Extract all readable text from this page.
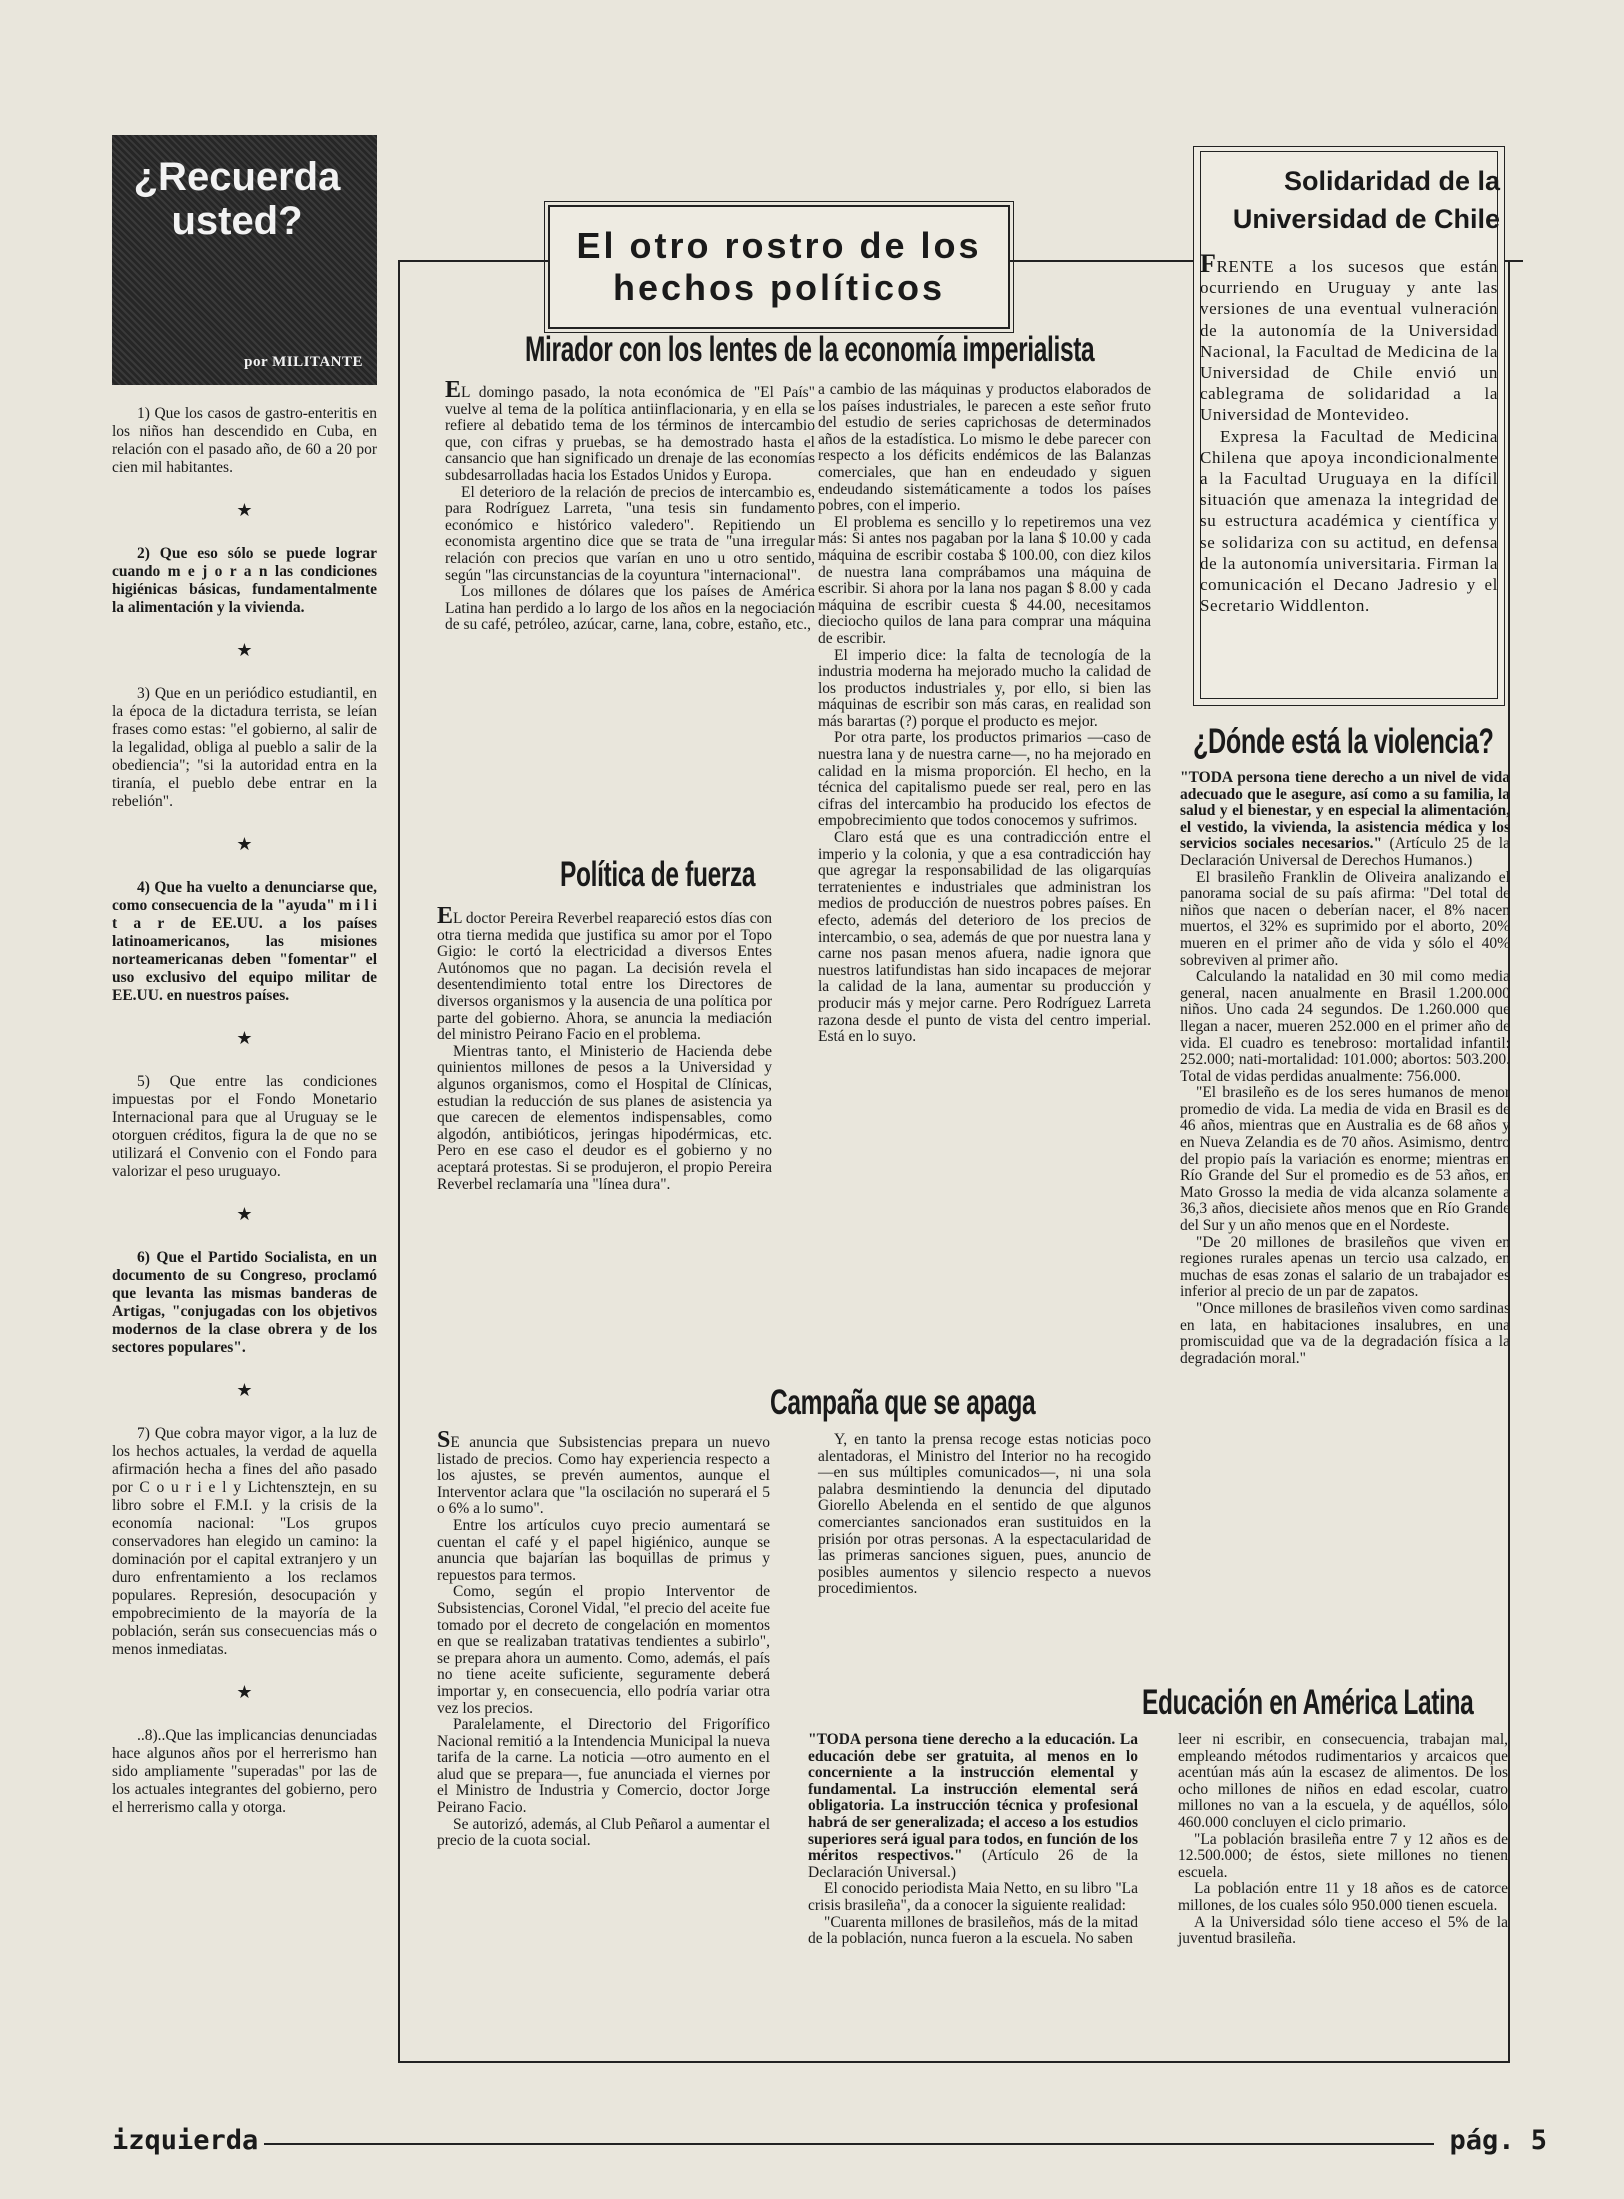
¿Recuerda
usted?
por MILITANTE

1) Que los casos de gastro-enteritis en los niños han descendido en Cuba, en relación con el pasado año, de 60 a 20 por cien mil habitantes.

★

2) Que eso sólo se puede lograr cuando m e j o r a n las condiciones higiénicas básicas, fundamentalmente la alimentación y la vivienda.

★

3) Que en un periódico estudiantil, en la época de la dictadura terrista, se leían frases como estas: "el gobierno, al salir de la legalidad, obliga al pueblo a salir de la obediencia"; "si la autoridad entra en la tiranía, el pueblo debe entrar en la rebelión".

★

4) Que ha vuelto a denunciarse que, como consecuencia de la "ayuda" m i l i t a r de EE.UU. a los países latinoamericanos, las misiones norteamericanas deben "fomentar" el uso exclusivo del equipo militar de EE.UU. en nuestros países.

★

5) Que entre las condiciones impuestas por el Fondo Monetario Internacional para que al Uruguay se le otorguen créditos, figura la de que no se utilizará el Convenio con el Fondo para valorizar el peso uruguayo.

★

6) Que el Partido Socialista, en un documento de su Congreso, proclamó que levanta las mismas banderas de Artigas, "conjugadas con los objetivos modernos de la clase obrera y de los sectores populares".

★

7) Que cobra mayor vigor, a la luz de los hechos actuales, la verdad de aquella afirmación hecha a fines del año pasado por C o u r i e l y Lichtensztejn, en su libro sobre el F.M.I. y la crisis de la economía nacional: "Los grupos conservadores han elegido un camino: la dominación por el capital extranjero y un duro enfrentamiento a los reclamos populares. Represión, desocupación y empobrecimiento de la mayoría de la población, serán sus consecuencias más o menos inmediatas.

★

..8)..Que las implicancias denunciadas hace algunos años por el herrerismo han sido ampliamente "superadas" por las de los actuales integrantes del gobierno, pero el herrerismo calla y otorga.

El otro rostro de los hechos políticos
Mirador con los lentes de la economía imperialista

EL domingo pasado, la nota económica de "El País" vuelve al tema de la política antiinflacionaria, y en ella se refiere al debatido tema de los términos de intercambio que, con cifras y pruebas, se ha demostrado hasta el cansancio que han significado un drenaje de las economías subdesarrolladas hacia los Estados Unidos y Europa.

El deterioro de la relación de precios de intercambio es, para Rodríguez Larreta, "una tesis sin fundamento económico e histórico valedero". Repitiendo un economista argentino dice que se trata de "una irregular relación con precios que varían en uno u otro sentido, según "las circunstancias de la coyuntura "internacional".

Los millones de dólares que los países de América Latina han perdido a lo largo de los años en la negociación de su café, petróleo, azúcar, carne, lana, cobre, estaño, etc.,

a cambio de las máquinas y productos elaborados de los países industriales, le parecen a este señor fruto del estudio de series caprichosas de determinados años de la estadística. Lo mismo le debe parecer con respecto a los déficits endémicos de las Balanzas comerciales, que han en endeudado y siguen endeudando sistemáticamente a todos los países pobres, con el imperio.

El problema es sencillo y lo repetiremos una vez más: Si antes nos pagaban por la lana $ 10.00 y cada máquina de escribir costaba $ 100.00, con diez kilos de nuestra lana comprábamos una máquina de escribir. Si ahora por la lana nos pagan $ 8.00 y cada máquina de escribir cuesta $ 44.00, necesitamos dieciocho quilos de lana para comprar una máquina de escribir.

El imperio dice: la falta de tecnología de la industria moderna ha mejorado mucho la calidad de los productos industriales y, por ello, si bien las máquinas de escribir son más caras, en realidad son más barartas (?) porque el producto es mejor.

Por otra parte, los productos primarios —caso de nuestra lana y de nuestra carne—, no ha mejorado en calidad en la misma proporción. El hecho, en la técnica del capitalismo puede ser real, pero en las cifras del intercambio ha producido los efectos de empobrecimiento que todos conocemos y sufrimos.

Claro está que es una contradicción entre el imperio y la colonia, y que a esa contradicción hay que agregar la responsabilidad de las oligarquías terratenientes e industriales que administran los medios de producción de nuestros pobres países. En efecto, además del deterioro de los precios de intercambio, o sea, además de que por nuestra lana y carne nos pasan menos afuera, nadie ignora que nuestros latifundistas han sido incapaces de mejorar la calidad de la lana, aumentar su producción y producir más y mejor carne. Pero Rodríguez Larreta razona desde el punto de vista del centro imperial. Está en lo suyo.

Política de fuerza

EL doctor Pereira Reverbel reapareció estos días con otra tierna medida que justifica su amor por el Topo Gigio: le cortó la electricidad a diversos Entes Autónomos que no pagan. La decisión revela el desentendimiento total entre los Directores de diversos organismos y la ausencia de una política por parte del gobierno. Ahora, se anuncia la mediación del ministro Peirano Facio en el problema.

Mientras tanto, el Ministerio de Hacienda debe quinientos millones de pesos a la Universidad y algunos organismos, como el Hospital de Clínicas, estudian la reducción de sus planes de asistencia ya que carecen de elementos indispensables, como algodón, antibióticos, jeringas hipodérmicas, etc. Pero en ese caso el deudor es el gobierno y no aceptará protestas. Si se produjeron, el propio Pereira Reverbel reclamaría una "línea dura".

Campaña que se apaga

SE anuncia que Subsistencias prepara un nuevo listado de precios. Como hay experiencia respecto a los ajustes, se prevén aumentos, aunque el Interventor aclara que "la oscilación no superará el 5 o 6% a lo sumo".

Entre los artículos cuyo precio aumentará se cuentan el café y el papel higiénico, aunque se anuncia que bajarían las boquillas de primus y repuestos para termos.

Como, según el propio Interventor de Subsistencias, Coronel Vidal, "el precio del aceite fue tomado por el decreto de congelación en momentos en que se realizaban tratativas tendientes a subirlo", se prepara ahora un aumento. Como, además, el país no tiene aceite suficiente, seguramente deberá importar y, en consecuencia, ello podría variar otra vez los precios.

Paralelamente, el Directorio del Frigorífico Nacional remitió a la Intendencia Municipal la nueva tarifa de la carne. La noticia —otro aumento en el alud que se prepara—, fue anunciada el viernes por el Ministro de Industria y Comercio, doctor Jorge Peirano Facio.

Se autorizó, además, al Club Peñarol a aumentar el precio de la cuota social.

Y, en tanto la prensa recoge estas noticias poco alentadoras, el Ministro del Interior no ha recogido —en sus múltiples comunicados—, ni una sola palabra desmintiendo la denuncia del diputado Giorello Abelenda en el sentido de que algunos comerciantes sancionados eran sustituidos en la prisión por otras personas. A la espectacularidad de las primeras sanciones siguen, pues, anuncio de posibles aumentos y silencio respecto a nuevos procedimientos.

Educación en América Latina

"TODA persona tiene derecho a la educación. La educación debe ser gratuita, al menos en lo concerniente a la instrucción elemental y fundamental. La instrucción elemental será obligatoria. La instrucción técnica y profesional habrá de ser generalizada; el acceso a los estudios superiores será igual para todos, en función de los méritos respectivos." (Artículo 26 de la Declaración Universal.)

El conocido periodista Maia Netto, en su libro "La crisis brasileña", da a conocer la siguiente realidad:

"Cuarenta millones de brasileños, más de la mitad de la población, nunca fueron a la escuela. No saben

leer ni escribir, en consecuencia, trabajan mal, empleando métodos rudimentarios y arcaicos que acentúan más aún la escasez de alimentos. De los ocho millones de niños en edad escolar, cuatro millones no van a la escuela, y de aquéllos, sólo 460.000 concluyen el ciclo primario.

"La población brasileña entre 7 y 12 años es de 12.500.000; de éstos, siete millones no tienen escuela.

La población entre 11 y 18 años es de catorce millones, de los cuales sólo 950.000 tienen escuela.

A la Universidad sólo tiene acceso el 5% de la juventud brasileña.

Solidaridad de la
Universidad de Chile

FRENTE a los sucesos que están ocurriendo en Uruguay y ante las versiones de una eventual vulneración de la autonomía de la Universidad Nacional, la Facultad de Medicina de la Universidad de Chile envió un cablegrama de solidaridad a la Universidad de Montevideo.

Expresa la Facultad de Medicina Chilena que apoya incondicionalmente a la Facultad Uruguaya en la difícil situación que amenaza la integridad de su estructura académica y científica y se solidariza con su actitud, en defensa de la autonomía universitaria. Firman la comunicación el Decano Jadresio y el Secretario Widdlenton.

¿Dónde está la violencia?

"TODA persona tiene derecho a un nivel de vida adecuado que le asegure, así como a su familia, la salud y el bienestar, y en especial la alimentación, el vestido, la vivienda, la asistencia médica y los servicios sociales necesarios." (Artículo 25 de la Declaración Universal de Derechos Humanos.)

El brasileño Franklin de Oliveira analizando el panorama social de su país afirma: "Del total de niños que nacen o deberían nacer, el 8% nacen muertos, el 32% es suprimido por el aborto, 20% mueren en el primer año de vida y sólo el 40% sobreviven al primer año.

Calculando la natalidad en 30 mil como media general, nacen anualmente en Brasil 1.200.000 niños. Uno cada 24 segundos. De 1.260.000 que llegan a nacer, mueren 252.000 en el primer año de vida. El cuadro es tenebroso: mortalidad infantil: 252.000; nati-mortalidad: 101.000; abortos: 503.200. Total de vidas perdidas anualmente: 756.000.

"El brasileño es de los seres humanos de menor promedio de vida. La media de vida en Brasil es de 46 años, mientras que en Australia es de 68 años y en Nueva Zelandia es de 70 años. Asimismo, dentro del propio país la variación es enorme; mientras en Río Grande del Sur el promedio es de 53 años, en Mato Grosso la media de vida alcanza solamente a 36,3 años, diecisiete años menos que en Río Grande del Sur y un año menos que en el Nordeste.

"De 20 millones de brasileños que viven en regiones rurales apenas un tercio usa calzado, en muchas de esas zonas el salario de un trabajador es inferior al precio de un par de zapatos.

"Once millones de brasileños viven como sardinas en lata, en habitaciones insalubres, en una promiscuidad que va de la degradación física a la degradación moral."

izquierda	pág. 5
